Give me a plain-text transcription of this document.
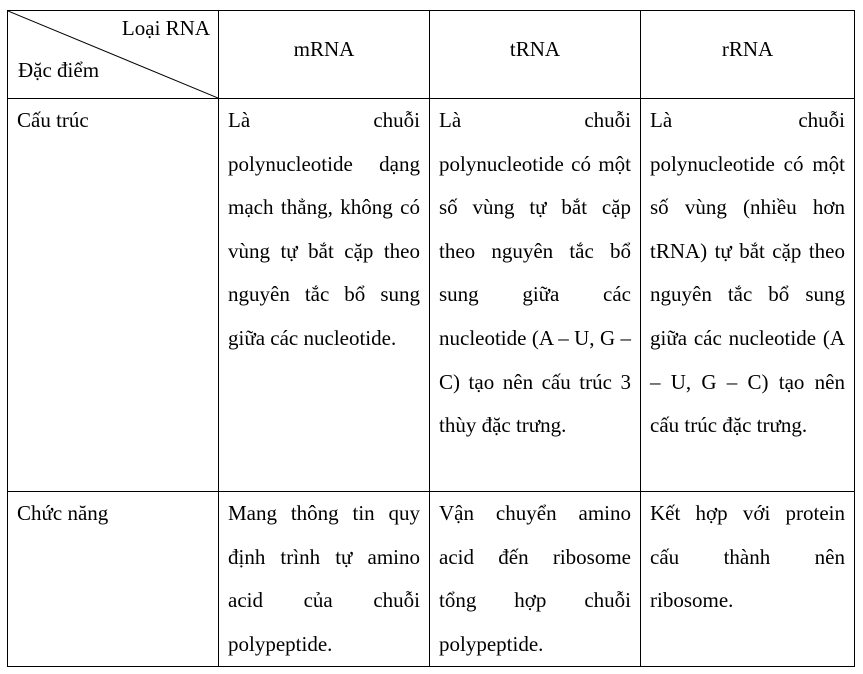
Loại RNA
Đặc điểm	mRNA	tRNA	rRNA
Cấu trúc	Là chuỗi polynucleotide dạng mạch thẳng, không có vùng tự bắt cặp theo nguyên tắc bổ sung giữa các nucleotide.	Là chuỗi polynucleotide có một số vùng tự bắt cặp theo nguyên tắc bổ sung giữa các nucleotide (A – U, G – C) tạo nên cấu trúc 3 thùy đặc trưng.	Là chuỗi polynucleotide có một số vùng (nhiều hơn tRNA) tự bắt cặp theo nguyên tắc bổ sung giữa các nucleotide (A – U, G – C) tạo nên cấu trúc đặc trưng.
Chức năng	Mang thông tin quy định trình tự amino acid của chuỗi polypeptide.	Vận chuyển amino acid đến ribosome tổng hợp chuỗi polypeptide.	Kết hợp với protein cấu thành nên ribosome.
